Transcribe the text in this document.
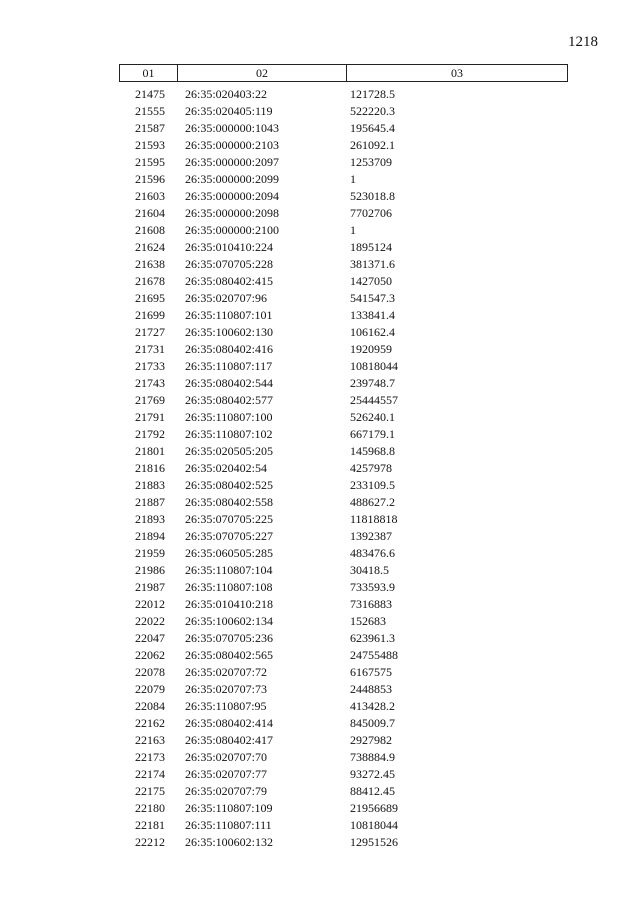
1218
01	02	03
21475	26:35:020403:22	121728.5
21555	26:35:020405:119	522220.3
21587	26:35:000000:1043	195645.4
21593	26:35:000000:2103	261092.1
21595	26:35:000000:2097	1253709
21596	26:35:000000:2099	1
21603	26:35:000000:2094	523018.8
21604	26:35:000000:2098	7702706
21608	26:35:000000:2100	1
21624	26:35:010410:224	1895124
21638	26:35:070705:228	381371.6
21678	26:35:080402:415	1427050
21695	26:35:020707:96	541547.3
21699	26:35:110807:101	133841.4
21727	26:35:100602:130	106162.4
21731	26:35:080402:416	1920959
21733	26:35:110807:117	10818044
21743	26:35:080402:544	239748.7
21769	26:35:080402:577	25444557
21791	26:35:110807:100	526240.1
21792	26:35:110807:102	667179.1
21801	26:35:020505:205	145968.8
21816	26:35:020402:54	4257978
21883	26:35:080402:525	233109.5
21887	26:35:080402:558	488627.2
21893	26:35:070705:225	11818818
21894	26:35:070705:227	1392387
21959	26:35:060505:285	483476.6
21986	26:35:110807:104	30418.5
21987	26:35:110807:108	733593.9
22012	26:35:010410:218	7316883
22022	26:35:100602:134	152683
22047	26:35:070705:236	623961.3
22062	26:35:080402:565	24755488
22078	26:35:020707:72	6167575
22079	26:35:020707:73	2448853
22084	26:35:110807:95	413428.2
22162	26:35:080402:414	845009.7
22163	26:35:080402:417	2927982
22173	26:35:020707:70	738884.9
22174	26:35:020707:77	93272.45
22175	26:35:020707:79	88412.45
22180	26:35:110807:109	21956689
22181	26:35:110807:111	10818044
22212	26:35:100602:132	12951526
